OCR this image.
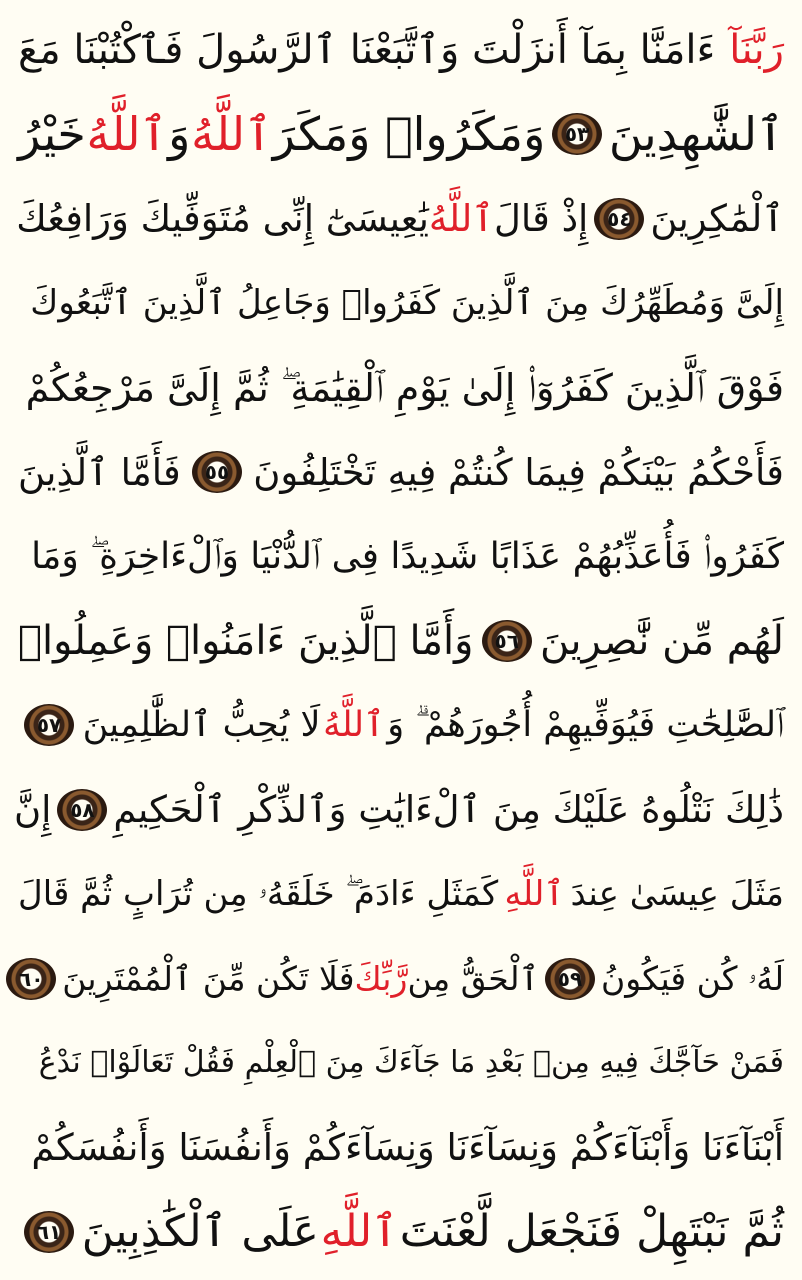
رَبَّنَآ
ءَامَنَّا بِمَآ أَنزَلْتَ وَٱتَّبَعْنَا ٱلرَّسُولَ فَٱكْتُبْنَا مَعَ
ٱلشَّٰهِدِينَ
٥٣
وَمَكَرُوا۟ وَمَكَرَ
ٱللَّهُ
وَ
ٱللَّهُ
خَيْرُ
ٱلْمَٰكِرِينَ
٥٤
إِذْ قَالَ
ٱللَّهُ
يَٰعِيسَىٰٓ إِنِّى مُتَوَفِّيكَ وَرَافِعُكَ
إِلَىَّ وَمُطَهِّرُكَ مِنَ ٱلَّذِينَ كَفَرُوا۟ وَجَاعِلُ ٱلَّذِينَ ٱتَّبَعُوكَ
فَوْقَ ٱلَّذِينَ كَفَرُوٓا۟ إِلَىٰ يَوْمِ ٱلْقِيَٰمَةِ ۖ ثُمَّ إِلَىَّ مَرْجِعُكُمْ
فَأَحْكُمُ بَيْنَكُمْ فِيمَا كُنتُمْ فِيهِ تَخْتَلِفُونَ
٥٥
فَأَمَّا ٱلَّذِينَ
كَفَرُوا۟ فَأُعَذِّبُهُمْ عَذَابًا شَدِيدًا فِى ٱلدُّنْيَا وَٱلْءَاخِرَةِ ۖ وَمَا
لَهُم مِّن نَّٰصِرِينَ
٥٦
وَأَمَّا ٱلَّذِينَ ءَامَنُوا۟ وَعَمِلُوا۟
ٱلصَّٰلِحَٰتِ فَيُوَفِّيهِمْ أُجُورَهُمْ ۗ وَ
ٱللَّهُ
لَا يُحِبُّ ٱلظَّٰلِمِينَ
٥٧
ذَٰلِكَ نَتْلُوهُ عَلَيْكَ مِنَ ٱلْءَايَٰتِ وَٱلذِّكْرِ ٱلْحَكِيمِ
٥٨
إِنَّ
مَثَلَ عِيسَىٰ عِندَ
ٱللَّهِ
كَمَثَلِ ءَادَمَ ۖ خَلَقَهُۥ مِن تُرَابٍ ثُمَّ قَالَ
لَهُۥ كُن فَيَكُونُ
٥٩
ٱلْحَقُّ مِن
رَّبِّكَ
فَلَا تَكُن مِّنَ ٱلْمُمْتَرِينَ
٦٠
فَمَنْ حَآجَّكَ فِيهِ مِنۢ بَعْدِ مَا جَآءَكَ مِنَ ٱلْعِلْمِ فَقُلْ تَعَالَوْا۟ نَدْعُ
أَبْنَآءَنَا وَأَبْنَآءَكُمْ وَنِسَآءَنَا وَنِسَآءَكُمْ وَأَنفُسَنَا وَأَنفُسَكُمْ
ثُمَّ نَبْتَهِلْ فَنَجْعَل لَّعْنَتَ
ٱللَّهِ
عَلَى ٱلْكَٰذِبِينَ
٦١
